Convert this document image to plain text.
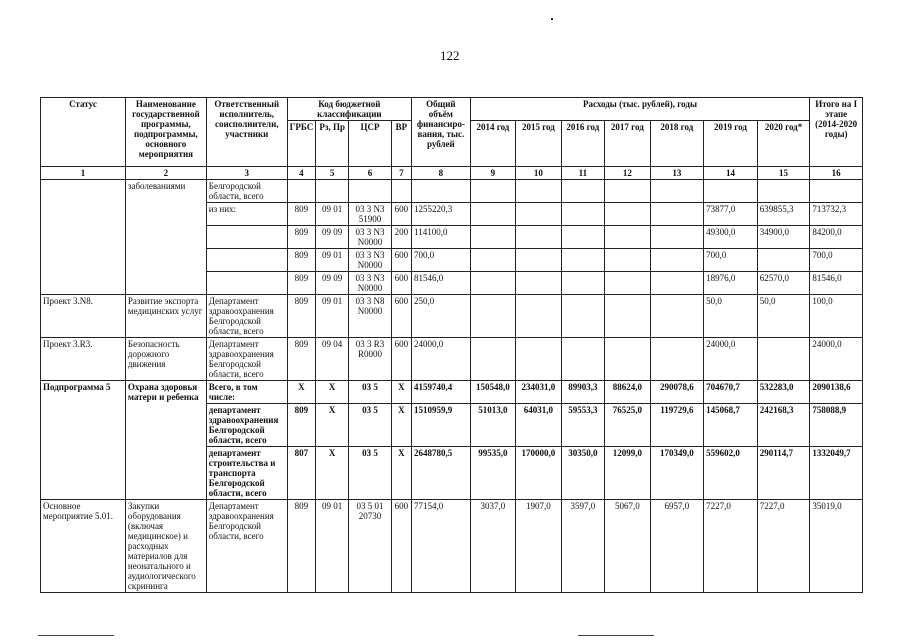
122
Статус	Наименование государственной программы, подпрограммы, основного мероприятия	Ответственный исполнитель, соисполнители, участники	Код бюджетной классификации				Общий объём финансиро-вания, тыс. рублей	Расходы (тыс. рублей), годы							Итого на I этапе (2014-2020 годы)
			ГРБС	Рз, Пр	ЦСР	ВР		2014 год	2015 год	2016 год	2017 год	2018 год	2019 год	2020 год*	
1	2	3	4	5	6	7	8	9	10	11	12	13	14	15	16
	заболеваниями	Белгородской области, всего													
		из них:	809	09 01	03 3 N3 51900	600	1255220,3						73877,0	639855,3	713732,3
			809	09 09	03 3 N3 N0000	200	114100,0						49300,0	34900,0	84200,0
			809	09 01	03 3 N3 N0000	600	700,0						700,0		700,0
			809	09 09	03 3 N3 N0000	600	81546,0						18976,0	62570,0	81546,0
Проект 3.N8.	Развитие экспорта медицинских услуг	Департамент здравоохранения Белгородской области, всего	809	09 01	03 3 N8 N0000	600	250,0						50,0	50,0	100,0
Проект 3.R3.	Безопасность дорожного движения	Департамент здравоохранения Белгородской области, всего	809	09 04	03 3 R3 R0000	600	24000,0						24000,0		24000,0
Подпрограмма 5	Охрана здоровья матери и ребенка	Всего, в том числе:	Х	Х	03 5	Х	4159740,4	150548,0	234031,0	89903,3	88624,0	290078,6	704670,7	532283,0	2090138,6
		департамент здравоохранения Белгородской области, всего	809	Х	03 5	Х	1510959,9	51013,0	64031,0	59553,3	76525,0	119729,6	145068,7	242168,3	758088,9
		департамент строительства и транспорта Белгородской области, всего	807	Х	03 5	Х	2648780,5	99535,0	170000,0	30350,0	12099,0	170349,0	559602,0	290114,7	1332049,7
Основное мероприятие 5.01.	Закупки оборудования (включая медицинское) и расходных материалов для неонатального и аудиологического скрининга	Департамент здравоохранения Белгородской области, всего	809	09 01	03 5 01 20730	600	77154,0	3037,0	1907,0	3597,0	5067,0	6957,0	7227,0	7227,0	35019,0
